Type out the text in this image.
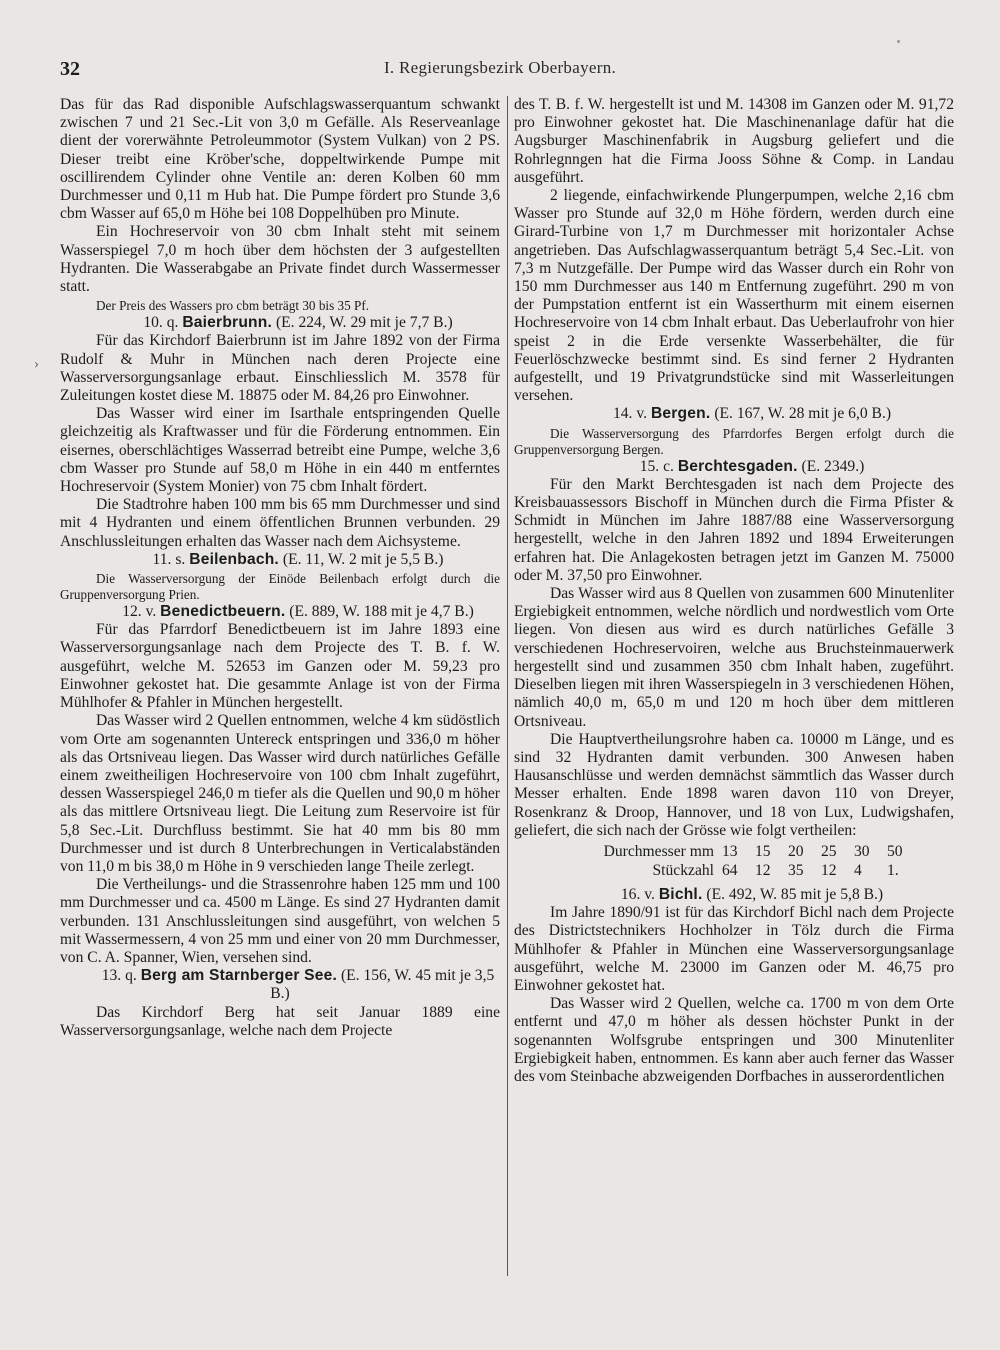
32	I. Regierungsbezirk Oberbayern.
›

Das für das Rad disponible Aufschlagswasserquantum schwankt zwischen 7 und 21 Sec.-Lit von 3,0 m Gefälle. Als Reserveanlage dient der vorerwähnte Petroleummotor (System Vulkan) von 2 PS. Dieser treibt eine Kröber'sche, doppeltwirkende Pumpe mit oscillirendem Cylinder ohne Ventile an: deren Kolben 60 mm Durchmesser und 0,11 m Hub hat. Die Pumpe fördert pro Stunde 3,6 cbm Wasser auf 65,0 m Höhe bei 108 Doppelhüben pro Minute.

Ein Hochreservoir von 30 cbm Inhalt steht mit seinem Wasserspiegel 7,0 m hoch über dem höchsten der 3 aufgestellten Hydranten. Die Wasserabgabe an Private findet durch Wassermesser statt.

Der Preis des Wassers pro cbm beträgt 30 bis 35 Pf.

10. q. Baierbrunn. (E. 224, W. 29 mit je 7,7 B.)

Für das Kirchdorf Baierbrunn ist im Jahre 1892 von der Firma Rudolf & Muhr in München nach deren Projecte eine Wasserversorgungsanlage erbaut. Einschliesslich M. 3578 für Zuleitungen kostet diese M. 18875 oder M. 84,26 pro Einwohner.

Das Wasser wird einer im Isarthale entspringenden Quelle gleichzeitig als Kraftwasser und für die Förderung entnommen. Ein eisernes, oberschlächtiges Wasserrad betreibt eine Pumpe, welche 3,6 cbm Wasser pro Stunde auf 58,0 m Höhe in ein 440 m entferntes Hochreservoir (System Monier) von 75 cbm Inhalt fördert.

Die Stadtrohre haben 100 mm bis 65 mm Durchmesser und sind mit 4 Hydranten und einem öffentlichen Brunnen verbunden. 29 Anschlussleitungen erhalten das Wasser nach dem Aichsysteme.

11. s. Beilenbach. (E. 11, W. 2 mit je 5,5 B.)

Die Wasserversorgung der Einöde Beilenbach erfolgt durch die Gruppenversorgung Prien.

12. v. Benedictbeuern. (E. 889, W. 188 mit je 4,7 B.)

Für das Pfarrdorf Benedictbeuern ist im Jahre 1893 eine Wasserversorgungsanlage nach dem Projecte des T. B. f. W. ausgeführt, welche M. 52653 im Ganzen oder M. 59,23 pro Einwohner gekostet hat. Die gesammte Anlage ist von der Firma Mühlhofer & Pfahler in München hergestellt.

Das Wasser wird 2 Quellen entnommen, welche 4 km südöstlich vom Orte am sogenannten Untereck entspringen und 336,0 m höher als das Ortsniveau liegen. Das Wasser wird durch natürliches Gefälle einem zweitheiligen Hochreservoire von 100 cbm Inhalt zugeführt, dessen Wasserspiegel 246,0 m tiefer als die Quellen und 90,0 m höher als das mittlere Ortsniveau liegt. Die Leitung zum Reservoire ist für 5,8 Sec.-Lit. Durchfluss bestimmt. Sie hat 40 mm bis 80 mm Durchmesser und ist durch 8 Unterbrechungen in Verticalabständen von 11,0 m bis 38,0 m Höhe in 9 verschieden lange Theile zerlegt.

Die Vertheilungs- und die Strassenrohre haben 125 mm und 100 mm Durchmesser und ca. 4500 m Länge. Es sind 27 Hydranten damit verbunden. 131 Anschlussleitungen sind ausgeführt, von welchen 5 mit Wassermessern, 4 von 25 mm und einer von 20 mm Durchmesser, von C. A. Spanner, Wien, versehen sind.

13. q. Berg am Starnberger See. (E. 156, W. 45 mit je 3,5 B.)

Das Kirchdorf Berg hat seit Januar 1889 eine Wasserversorgungsanlage, welche nach dem Projecte

des T. B. f. W. hergestellt ist und M. 14308 im Ganzen oder M. 91,72 pro Einwohner gekostet hat. Die Maschinenanlage dafür hat die Augsburger Maschinenfabrik in Augsburg geliefert und die Rohrlegnngen hat die Firma Jooss Söhne & Comp. in Landau ausgeführt.

2 liegende, einfachwirkende Plungerpumpen, welche 2,16 cbm Wasser pro Stunde auf 32,0 m Höhe fördern, werden durch eine Girard-Turbine von 1,7 m Durchmesser mit horizontaler Achse angetrieben. Das Aufschlagwasserquantum beträgt 5,4 Sec.-Lit. von 7,3 m Nutzgefälle. Der Pumpe wird das Wasser durch ein Rohr von 150 mm Durchmesser aus 140 m Entfernung zugeführt. 290 m von der Pumpstation entfernt ist ein Wasserthurm mit einem eisernen Hochreservoire von 14 cbm Inhalt erbaut. Das Ueberlaufrohr von hier speist 2 in die Erde versenkte Wasserbehälter, die für Feuerlöschzwecke bestimmt sind. Es sind ferner 2 Hydranten aufgestellt, und 19 Privatgrundstücke sind mit Wasserleitungen versehen.

14. v. Bergen. (E. 167, W. 28 mit je 6,0 B.)

Die Wasserversorgung des Pfarrdorfes Bergen erfolgt durch die Gruppenversorgung Bergen.

15. c. Berchtesgaden. (E. 2349.)

Für den Markt Berchtesgaden ist nach dem Projecte des Kreisbauassessors Bischoff in München durch die Firma Pfister & Schmidt in München im Jahre 1887/88 eine Wasserversorgung hergestellt, welche in den Jahren 1892 und 1894 Erweiterungen erfahren hat. Die Anlagekosten betragen jetzt im Ganzen M. 75000 oder M. 37,50 pro Einwohner.

Das Wasser wird aus 8 Quellen von zusammen 600 Minutenliter Ergiebigkeit entnommen, welche nördlich und nordwestlich vom Orte liegen. Von diesen aus wird es durch natürliches Gefälle 3 verschiedenen Hochreservoiren, welche aus Bruchsteinmauerwerk hergestellt sind und zusammen 350 cbm Inhalt haben, zugeführt. Dieselben liegen mit ihren Wasserspiegeln in 3 verschiedenen Höhen, nämlich 40,0 m, 65,0 m und 120 m hoch über dem mittleren Ortsniveau.

Die Hauptvertheilungsrohre haben ca. 10000 m Länge, und es sind 32 Hydranten damit verbunden. 300 Anwesen haben Hausanschlüsse und werden demnächst sämmtlich das Wasser durch Messer erhalten. Ende 1898 waren davon 110 von Dreyer, Rosenkranz & Droop, Hannover, und 18 von Lux, Ludwigshafen, geliefert, die sich nach der Grösse wie folgt vertheilen:

Durchmesser mm 13	15	20	25	30	50
Stückzahl 64	12	35	12	4	1.

16. v. Bichl. (E. 492, W. 85 mit je 5,8 B.)

Im Jahre 1890/91 ist für das Kirchdorf Bichl nach dem Projecte des Districtstechnikers Hochholzer in Tölz durch die Firma Mühlhofer & Pfahler in München eine Wasserversorgungsanlage ausgeführt, welche M. 23000 im Ganzen oder M. 46,75 pro Einwohner gekostet hat.

Das Wasser wird 2 Quellen, welche ca. 1700 m von dem Orte entfernt und 47,0 m höher als dessen höchster Punkt in der sogenannten Wolfsgrube entspringen und 300 Minutenliter Ergiebigkeit haben, entnommen. Es kann aber auch ferner das Wasser des vom Steinbache abzweigenden Dorfbaches in ausserordentlichen
